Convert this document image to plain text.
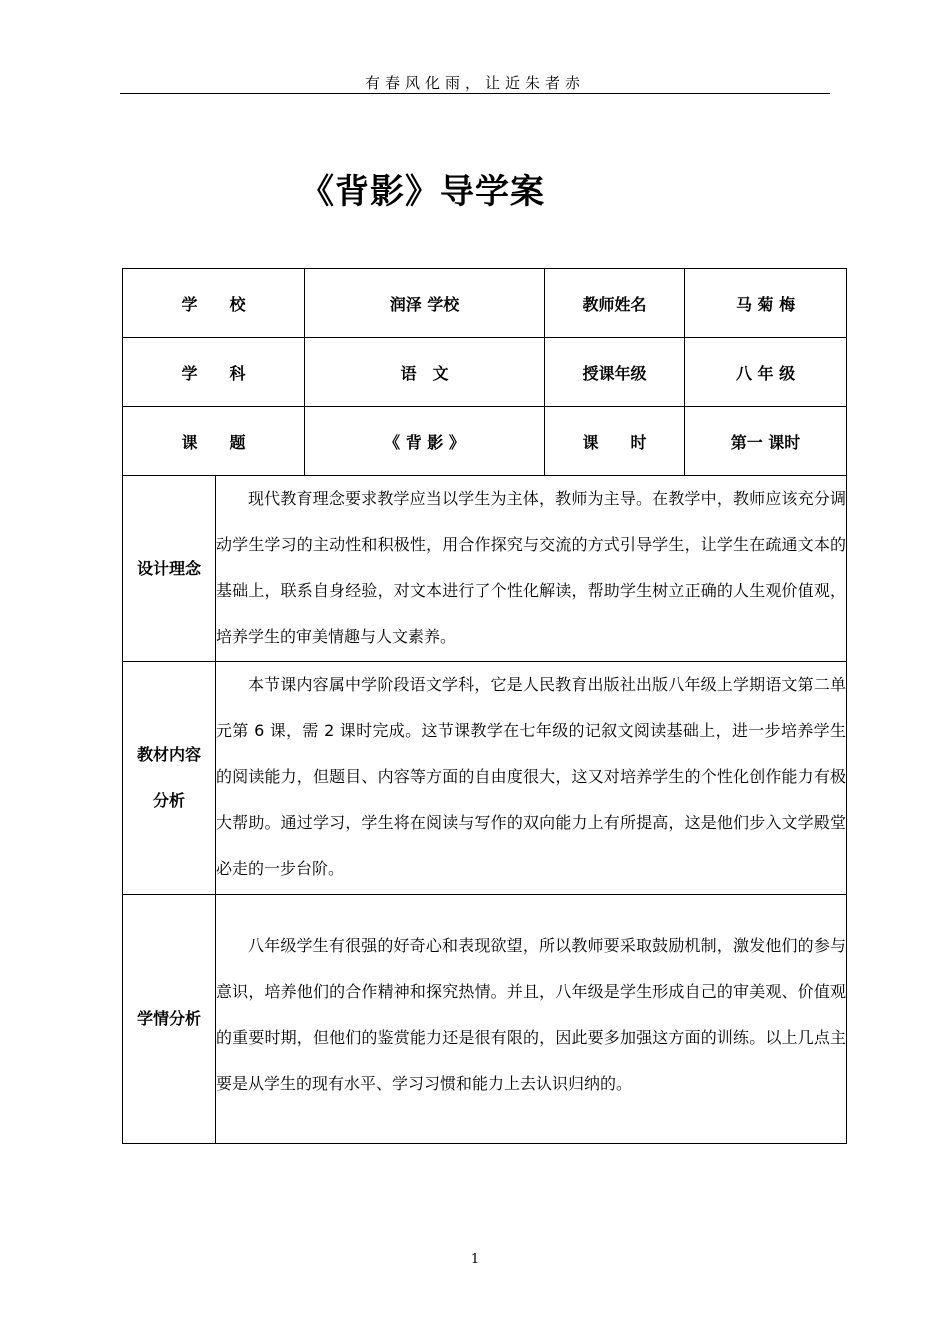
有春风化雨，让近朱者赤
《背影》导学案
学　　校		润泽 学校	教师姓名	马 菊 梅
学　　科		语　文	授课年级	八 年 级
课　　题		《 背 影 》	课　　时	第一 课时
设计理念	现代教育理念要求教学应当以学生为主体，教师为主导。在教学中，教师应该充分调动学生学习的主动性和积极性，用合作探究与交流的方式引导学生，让学生在疏通文本的基础上，联系自身经验，对文本进行了个性化解读，帮助学生树立正确的人生观价值观，培养学生的审美情趣与人文素养。			

教材内容
分析	本节课内容属中学阶段语文学科，它是人民教育出版社出版八年级上学期语文第二单元第 6 课，需 2 课时完成。这节课教学在七年级的记叙文阅读基础上，进一步培养学生的阅读能力，但题目、内容等方面的自由度很大，这又对培养学生的个性化创作能力有极大帮助。通过学习，学生将在阅读与写作的双向能力上有所提高，这是他们步入文学殿堂必走的一步台阶。			

学情分析	八年级学生有很强的好奇心和表现欲望，所以教师要采取鼓励机制，激发他们的参与意识，培养他们的合作精神和探究热情。并且，八年级是学生形成自己的审美观、价值观的重要时期，但他们的鉴赏能力还是很有限的，因此要多加强这方面的训练。以上几点主要是从学生的现有水平、学习习惯和能力上去认识归纳的。			

1
